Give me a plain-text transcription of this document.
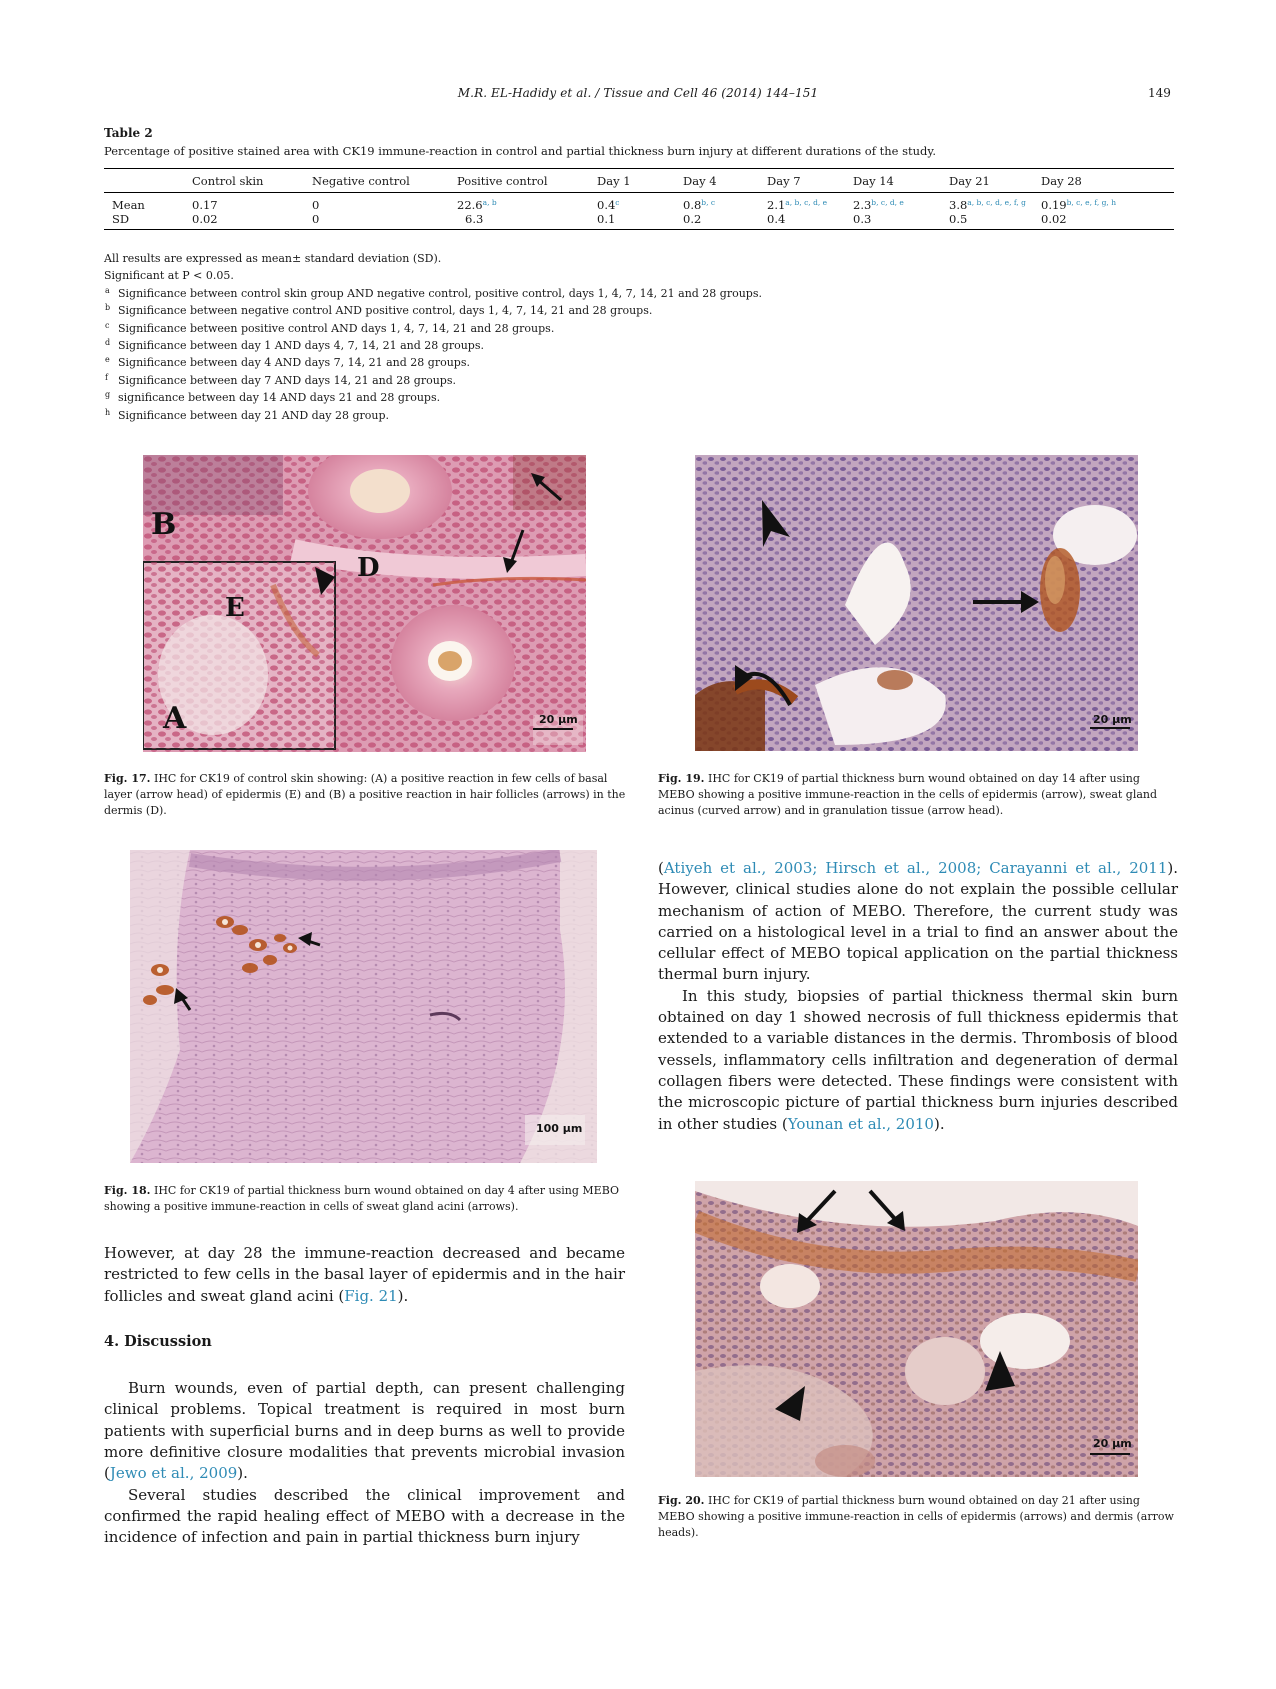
M.R. EL-Hadidy et al. / Tissue and Cell 46 (2014) 144–151	149
Table 2
Percentage of positive stained area with CK19 immune-reaction in control and partial thickness burn injury at different durations of the study.
	Control skin	Negative control	Positive control	Day 1	Day 4	Day 7	Day 14	Day 21	Day 28
Mean	0.17	0	22.6$^{a, b}$	0.4$^c$	0.8$^{b, c}$	2.1$^{a, b, c, d, e}$	2.3$^{b, c, d, e}$	3.8$^{a, b, c, d, e, f, g}$	0.19$^{b, c, e, f, g, h}$
SD	0.02	0	6.3	0.1	0.2	0.4	0.3	0.5	0.02
All results are expressed as mean± standard deviation (SD).
Significant at P < 0.05.
a Significance between control skin group AND negative control, positive control, days 1, 4, 7, 14, 21 and 28 groups.
b Significance between negative control AND positive control, days 1, 4, 7, 14, 21 and 28 groups.
c Significance between positive control AND days 1, 4, 7, 14, 21 and 28 groups.
d Significance between day 1 AND days 4, 7, 14, 21 and 28 groups.
e Significance between day 4 AND days 7, 14, 21 and 28 groups.
f Significance between day 7 AND days 14, 21 and 28 groups.
g significance between day 14 AND days 21 and 28 groups.
h Significance between day 21 AND day 28 group.
B
D
E
A	20 μm
Fig. 17. IHC for CK19 of control skin showing: (A) a positive reaction in few cells of basal layer (arrow head) of epidermis (E) and (B) a positive reaction in hair follicles (arrows) in the dermis (D).
20 μm
Fig. 19. IHC for CK19 of partial thickness burn wound obtained on day 14 after using MEBO showing a positive immune-reaction in the cells of epidermis (arrow), sweat gland acinus (curved arrow) and in granulation tissue (arrow head).
100 μm
Fig. 18. IHC for CK19 of partial thickness burn wound obtained on day 4 after using MEBO showing a positive immune-reaction in cells of sweat gland acini (arrows).

However, at day 28 the immune-reaction decreased and became restricted to few cells in the basal layer of epidermis and in the hair follicles and sweat gland acini (Fig. 21).

4. Discussion

Burn wounds, even of partial depth, can present challenging clinical problems. Topical treatment is required in most burn patients with superficial burns and in deep burns as well to provide more definitive closure modalities that prevents microbial invasion (Jewo et al., 2009).

Several studies described the clinical improvement and confirmed the rapid healing effect of MEBO with a decrease in the incidence of infection and pain in partial thickness burn injury

(Atiyeh et al., 2003; Hirsch et al., 2008; Carayanni et al., 2011). However, clinical studies alone do not explain the possible cellular mechanism of action of MEBO. Therefore, the current study was carried on a histological level in a trial to find an answer about the cellular effect of MEBO topical application on the partial thickness thermal burn injury.

In this study, biopsies of partial thickness thermal skin burn obtained on day 1 showed necrosis of full thickness epidermis that extended to a variable distances in the dermis. Thrombosis of blood vessels, inflammatory cells infiltration and degeneration of dermal collagen fibers were detected. These findings were consistent with the microscopic picture of partial thickness burn injuries described in other studies (Younan et al., 2010).

20 μm
Fig. 20. IHC for CK19 of partial thickness burn wound obtained on day 21 after using MEBO showing a positive immune-reaction in cells of epidermis (arrows) and dermis (arrow heads).
